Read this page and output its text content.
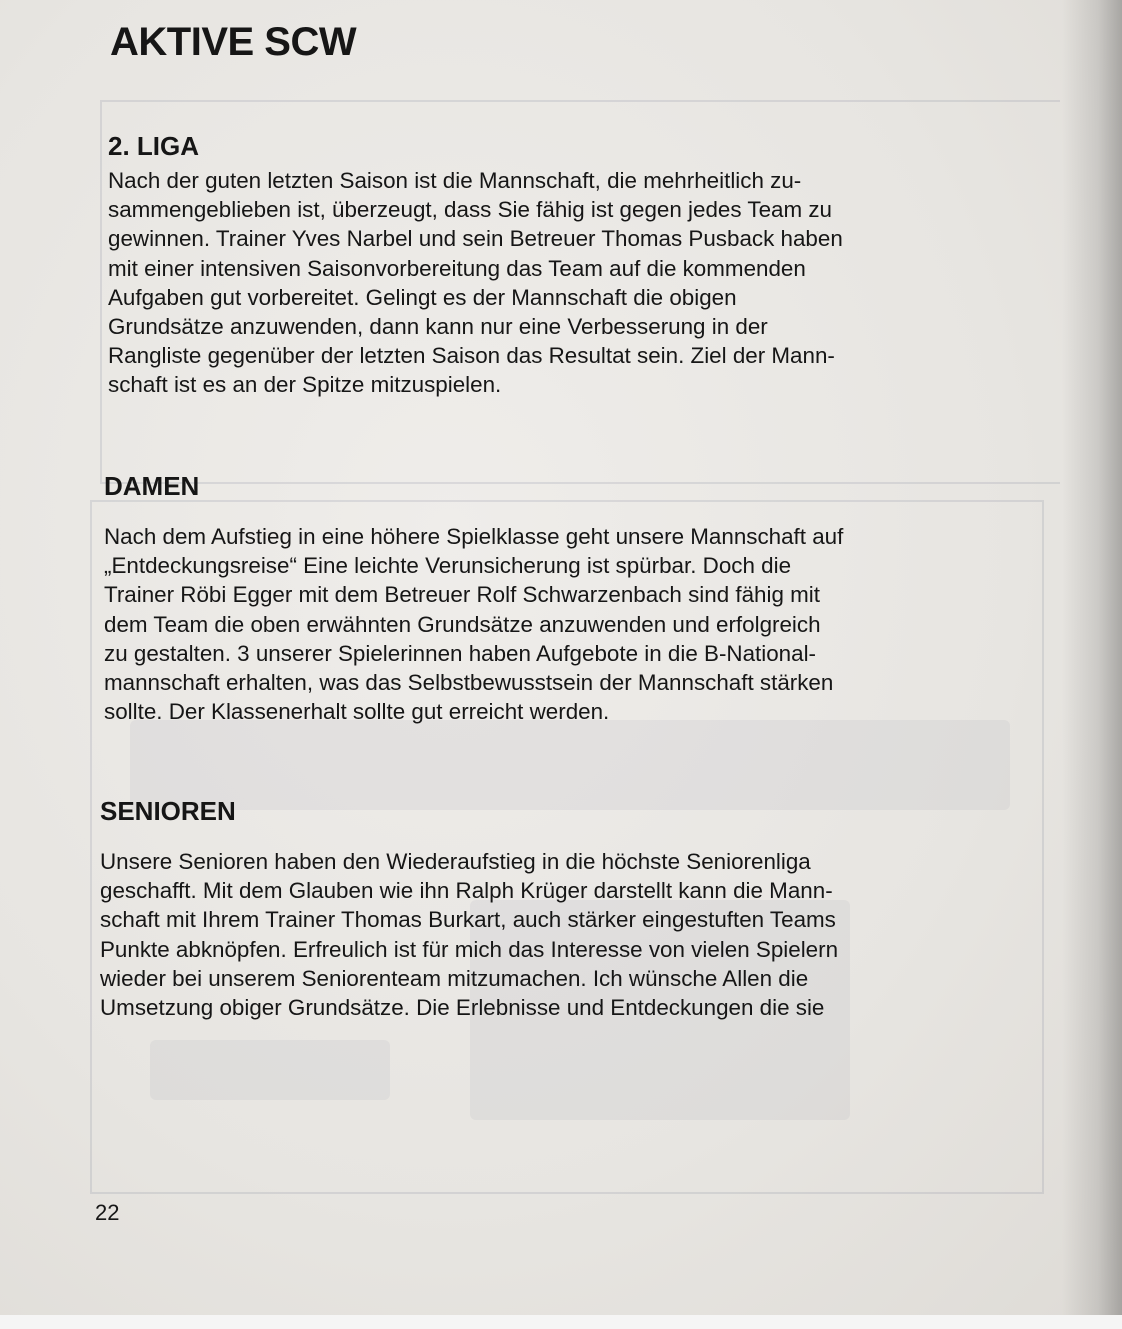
AKTIVE SCW
2. LIGA

Nach der guten letzten Saison ist die Mannschaft, die mehrheitlich zu-
sammengeblieben ist, überzeugt, dass Sie fähig ist gegen jedes Team zu
gewinnen. Trainer Yves Narbel und sein Betreuer Thomas Pusback haben
mit einer intensiven Saisonvorbereitung das Team auf die kommenden
Aufgaben gut vorbereitet. Gelingt es der Mannschaft die obigen
Grundsätze anzuwenden, dann kann nur eine Verbesserung in der
Rangliste gegenüber der letzten Saison das Resultat sein. Ziel der Mann-
schaft ist es an der Spitze mitzuspielen.

DAMEN

Nach dem Aufstieg in eine höhere Spielklasse geht unsere Mannschaft auf
„Entdeckungsreise“ Eine leichte Verunsicherung ist spürbar. Doch die
Trainer Röbi Egger mit dem Betreuer Rolf Schwarzenbach sind fähig mit
dem Team die oben erwähnten Grundsätze anzuwenden und erfolgreich
zu gestalten. 3 unserer Spielerinnen haben Aufgebote in die B-National-
mannschaft erhalten, was das Selbstbewusstsein der Mannschaft stärken
sollte. Der Klassenerhalt sollte gut erreicht werden.

SENIOREN

Unsere Senioren haben den Wiederaufstieg in die höchste Seniorenliga
geschafft. Mit dem Glauben wie ihn Ralph Krüger darstellt kann die Mann-
schaft mit Ihrem Trainer Thomas Burkart, auch stärker eingestuften Teams
Punkte abknöpfen. Erfreulich ist für mich das Interesse von vielen Spielern
wieder bei unserem Seniorenteam mitzumachen. Ich wünsche Allen die
Umsetzung obiger Grundsätze. Die Erlebnisse und Entdeckungen die sie

22
